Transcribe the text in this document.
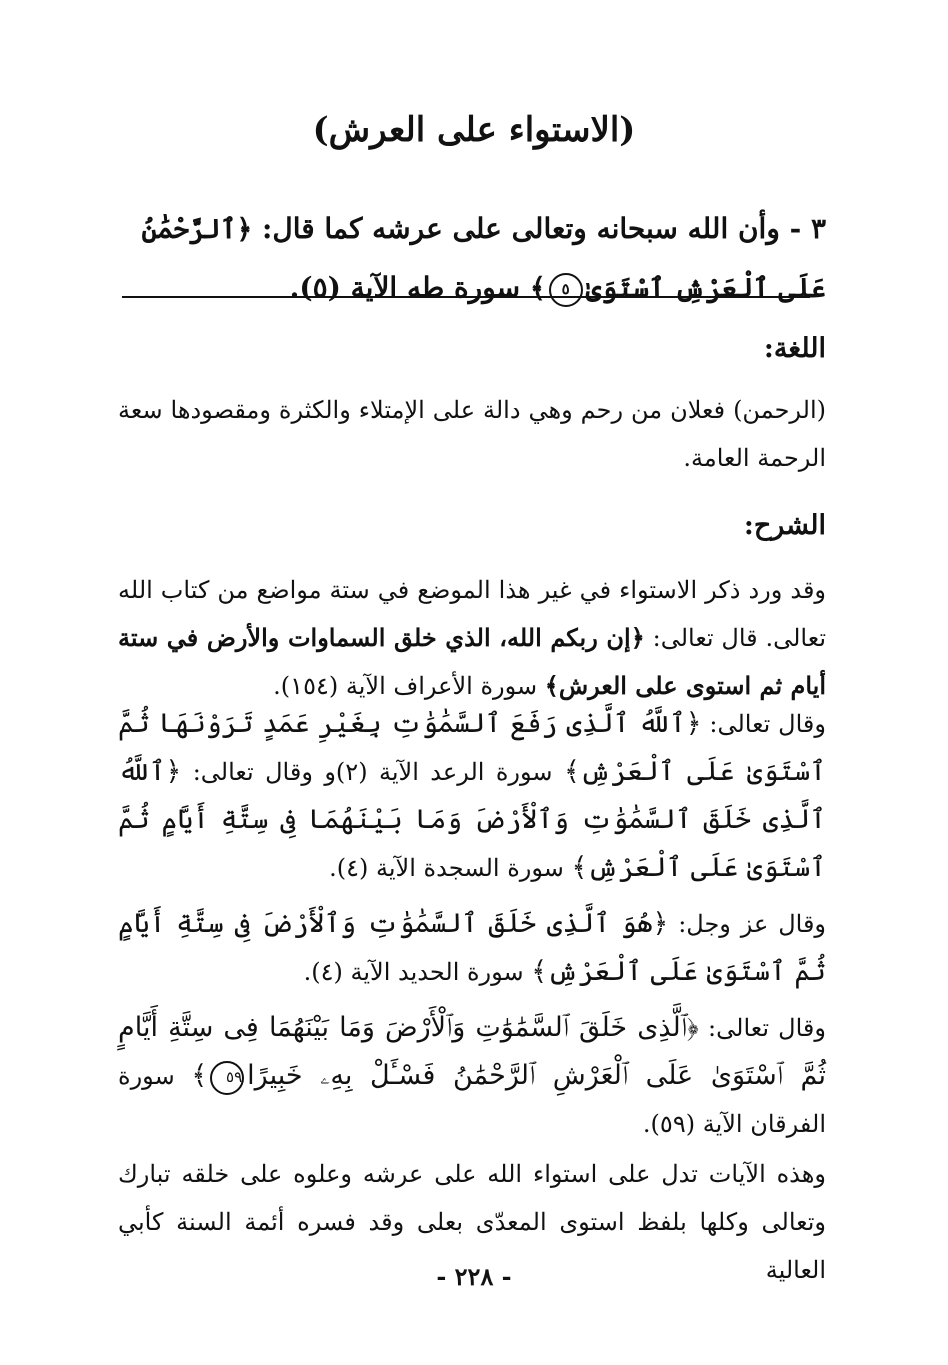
(الاستواء على العرش)

٣ - وأن الله سبحانه وتعالى على عرشه كما قال: ﴿ٱلرَّحْمَٰنُ عَلَى ٱلْعَرْشِ ٱسْتَوَىٰ٥﴾ سورة طه الآية (٥).

اللغة:

(الرحمن) فعلان من رحم وهي دالة على الإمتلاء والكثرة ومقصودها سعة الرحمة العامة.

الشرح:

وقد ورد ذكر الاستواء في غير هذا الموضع في ستة مواضع من كتاب الله تعالى. قال تعالى: ﴿إن ربكم الله، الذي خلق السماوات والأرض في ستة أيام ثم استوى على العرش﴾ سورة الأعراف الآية (١٥٤).

وقال تعالى: ﴿ٱللَّهُ ٱلَّذِى رَفَعَ ٱلسَّمَٰوَٰتِ بِغَيْرِ عَمَدٍ تَرَوْنَهَا ثُمَّ ٱسْتَوَىٰ عَلَى ٱلْعَرْشِ﴾ سورة الرعد الآية (٢)و وقال تعالى: ﴿ٱللَّهُ ٱلَّذِى خَلَقَ ٱلسَّمَٰوَٰتِ وَٱلْأَرْضَ وَمَا بَيْنَهُمَا فِى سِتَّةِ أَيَّامٍ ثُمَّ ٱسْتَوَىٰ عَلَى ٱلْعَرْشِ﴾ سورة السجدة الآية (٤).

وقال عز وجل: ﴿هُوَ ٱلَّذِى خَلَقَ ٱلسَّمَٰوَٰتِ وَٱلْأَرْضَ فِى سِتَّةِ أَيَّامٍ ثُمَّ ٱسْتَوَىٰ عَلَى ٱلْعَرْشِ﴾ سورة الحديد الآية (٤).

وقال تعالى: ﴿ٱلَّذِى خَلَقَ ٱلسَّمَٰوَٰتِ وَٱلْأَرْضَ وَمَا بَيْنَهُمَا فِى سِتَّةِ أَيَّامٍ ثُمَّ ٱسْتَوَىٰ عَلَى ٱلْعَرْشِ ٱلرَّحْمَٰنُ فَسْـَٔلْ بِهِۦ خَبِيرًا٥٩﴾ سورة الفرقان الآية (٥٩).

وهذه الآيات تدل على استواء الله على عرشه وعلوه على خلقه تبارك وتعالى وكلها بلفظ استوى المعدّى بعلى وقد فسره أئمة السنة كأبي العالية

- ٢٢٨ -
